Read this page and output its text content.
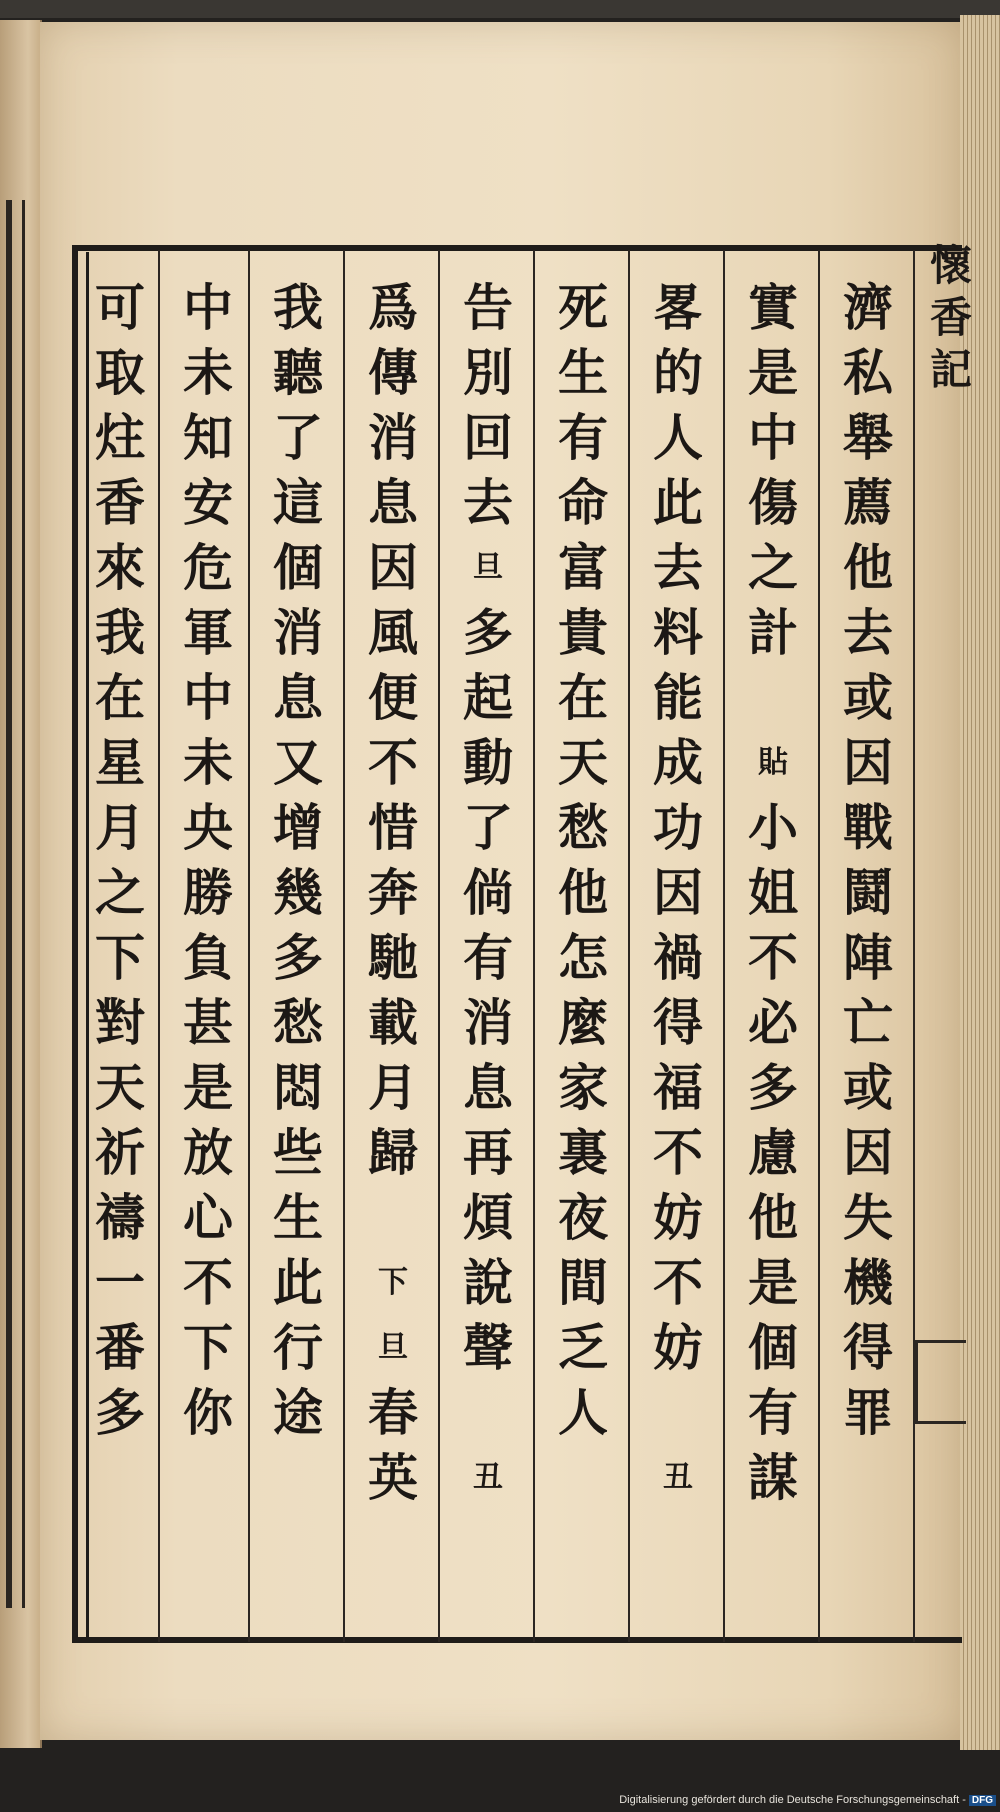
懷
香
記
濟
私
舉
薦
他
去
或
因
戰
鬪
陣
亡
或
因
失
機
得
罪
實
是
中
傷
之
計

貼
小
姐
不
必
多
慮
他
是
個
有
謀
畧
的
人
此
去
料
能
成
功
因
禍
得
福
不
妨
不
妨

丑
死
生
有
命
富
貴
在
天
愁
他
怎
麼
家
裏
夜
間
乏
人
告
別
回
去
旦
多
起
動
了
倘
有
消
息
再
煩
說
聲

丑
爲
傳
消
息
因
風
便
不
惜
奔
馳
載
月
歸

下
旦
春
英
我
聽
了
這
個
消
息
又
增
幾
多
愁
悶
些
生
此
行
途
中
未
知
安
危
軍
中
未
央
勝
負
甚
是
放
心
不
下
你
可
取
炷
香
來
我
在
星
月
之
下
對
天
祈
禱
一
番
多
Digitalisierung gefördert durch die Deutsche Forschungsgemeinschaft - DFG
